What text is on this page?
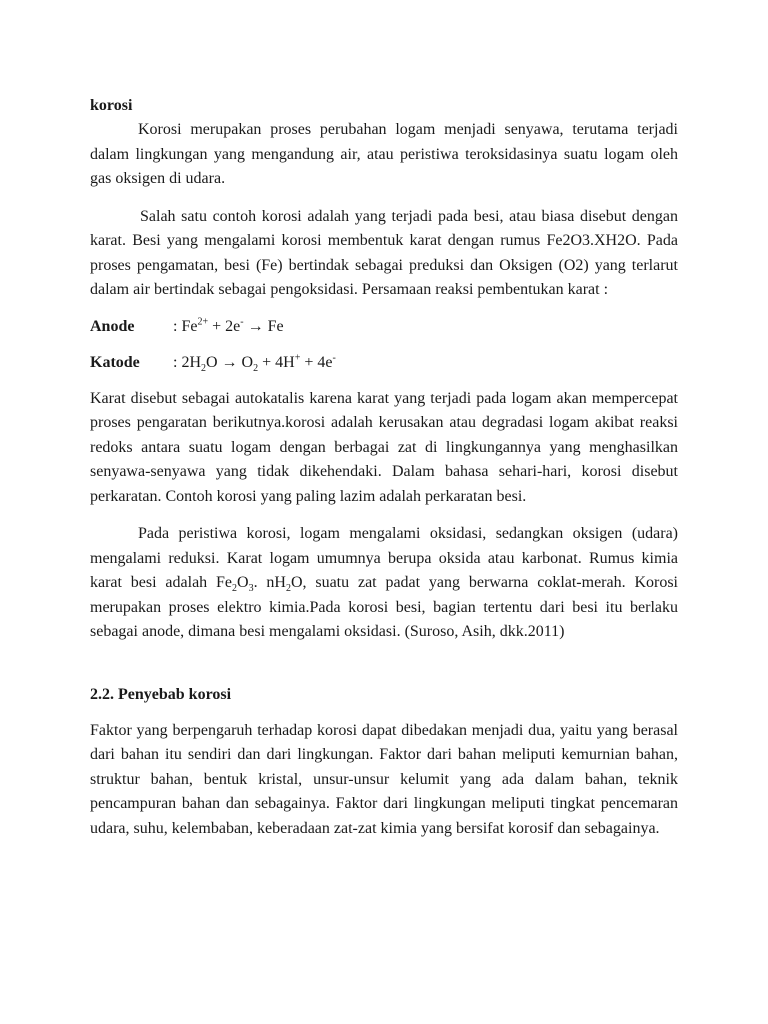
korosi

Korosi merupakan proses perubahan logam menjadi senyawa, terutama terjadi dalam lingkungan yang mengandung air, atau peristiwa teroksidasinya suatu logam oleh gas oksigen di udara.

Salah satu contoh korosi adalah yang terjadi pada besi, atau biasa disebut dengan karat. Besi yang mengalami korosi membentuk karat dengan rumus Fe2O3.XH2O. Pada proses pengamatan, besi (Fe) bertindak sebagai preduksi dan Oksigen (O2) yang terlarut dalam air bertindak sebagai pengoksidasi. Persamaan reaksi pembentukan karat :

Anode	: $Fe^{2+} + 2e^- \to Fe$
Katode	: $2H_2O \to O_2 + 4H^+ + 4e^-$

Karat disebut sebagai autokatalis karena karat yang terjadi pada logam akan mempercepat proses pengaratan berikutnya.korosi adalah kerusakan atau degradasi logam akibat reaksi redoks antara suatu logam dengan berbagai zat di lingkungannya yang menghasilkan senyawa-senyawa yang tidak dikehendaki. Dalam bahasa sehari-hari, korosi disebut perkaratan. Contoh korosi yang paling lazim adalah perkaratan besi.

Pada peristiwa korosi, logam mengalami oksidasi, sedangkan oksigen (udara) mengalami reduksi. Karat logam umumnya berupa oksida atau karbonat. Rumus kimia karat besi adalah $Fe_2O_3$. $nH_2O$, suatu zat padat yang berwarna coklat-merah. Korosi merupakan proses elektro kimia.Pada korosi besi, bagian tertentu dari besi itu berlaku sebagai anode, dimana besi mengalami oksidasi. (Suroso, Asih, dkk.2011)

2.2. Penyebab korosi

Faktor yang berpengaruh terhadap korosi dapat dibedakan menjadi dua, yaitu yang berasal dari bahan itu sendiri dan dari lingkungan. Faktor dari bahan meliputi kemurnian bahan, struktur bahan, bentuk kristal, unsur-unsur kelumit yang ada dalam bahan, teknik pencampuran bahan dan sebagainya. Faktor dari lingkungan meliputi tingkat pencemaran udara, suhu, kelembaban, keberadaan zat-zat kimia yang bersifat korosif dan sebagainya.
